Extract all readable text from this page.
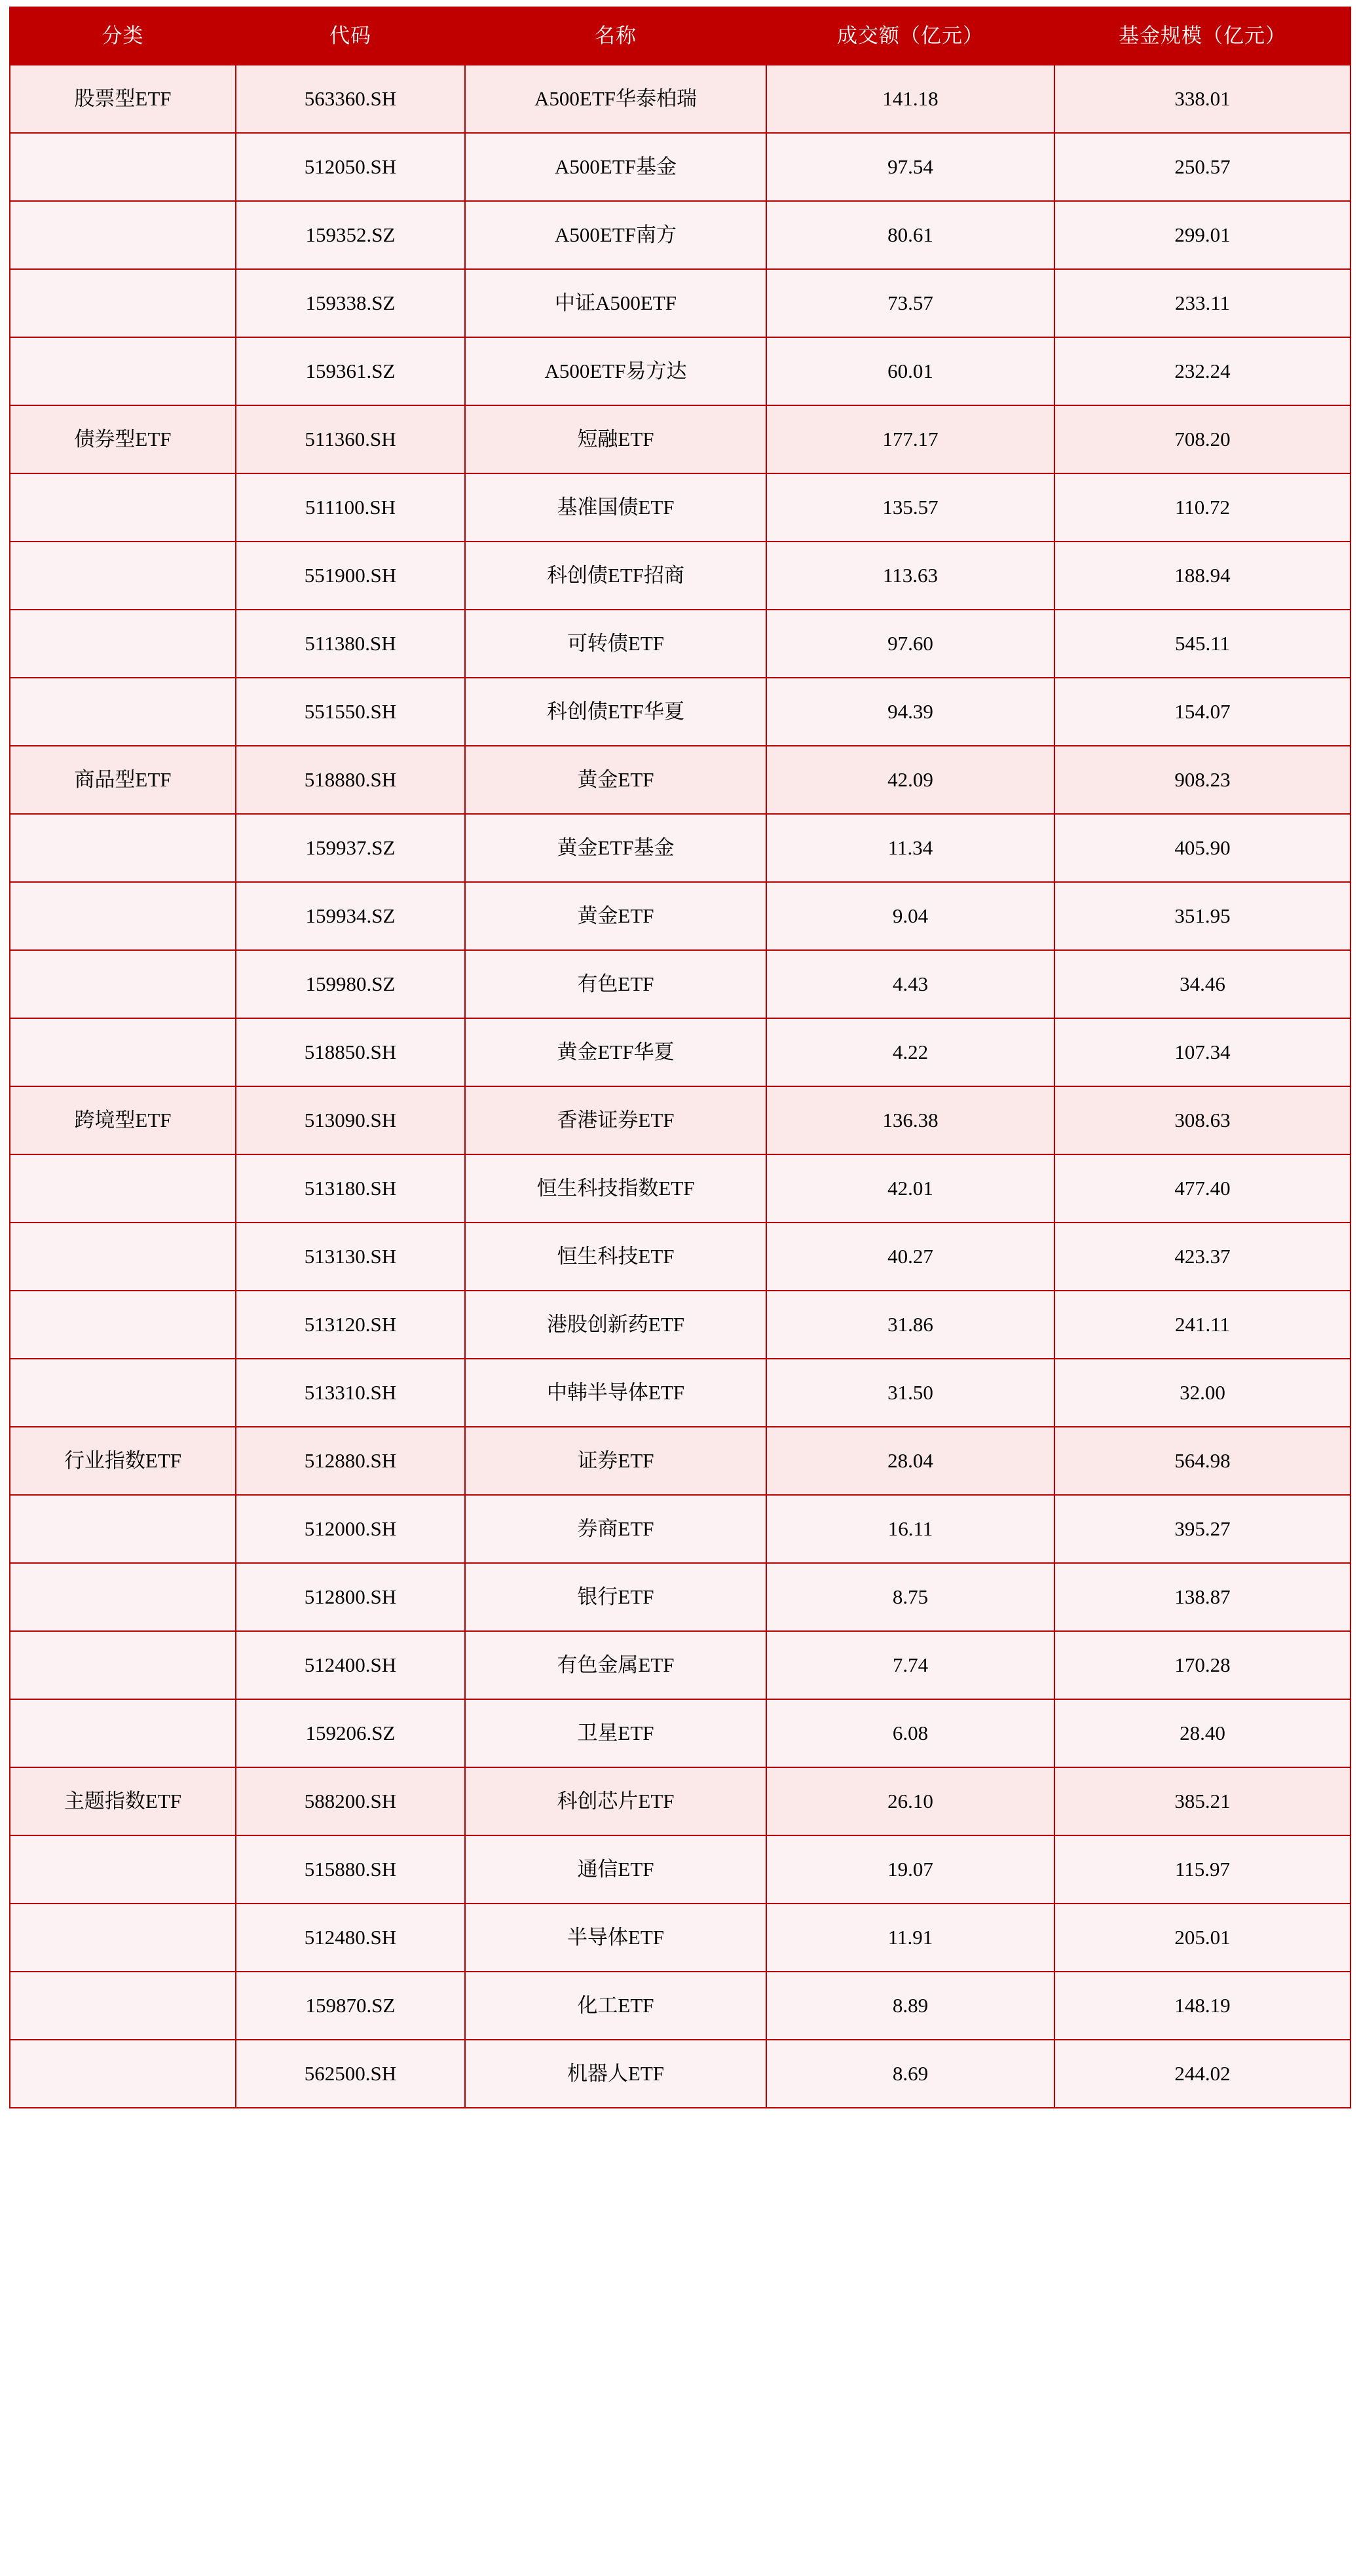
分类	代码	名称	成交额（亿元）	基金规模（亿元）
股票型ETF	563360.SH	A500ETF华泰柏瑞	141.18	338.01
	512050.SH	A500ETF基金	97.54	250.57
	159352.SZ	A500ETF南方	80.61	299.01
	159338.SZ	中证A500ETF	73.57	233.11
	159361.SZ	A500ETF易方达	60.01	232.24
债券型ETF	511360.SH	短融ETF	177.17	708.20
	511100.SH	基准国债ETF	135.57	110.72
	551900.SH	科创债ETF招商	113.63	188.94
	511380.SH	可转债ETF	97.60	545.11
	551550.SH	科创债ETF华夏	94.39	154.07
商品型ETF	518880.SH	黄金ETF	42.09	908.23
	159937.SZ	黄金ETF基金	11.34	405.90
	159934.SZ	黄金ETF	9.04	351.95
	159980.SZ	有色ETF	4.43	34.46
	518850.SH	黄金ETF华夏	4.22	107.34
跨境型ETF	513090.SH	香港证券ETF	136.38	308.63
	513180.SH	恒生科技指数ETF	42.01	477.40
	513130.SH	恒生科技ETF	40.27	423.37
	513120.SH	港股创新药ETF	31.86	241.11
	513310.SH	中韩半导体ETF	31.50	32.00
行业指数ETF	512880.SH	证券ETF	28.04	564.98
	512000.SH	券商ETF	16.11	395.27
	512800.SH	银行ETF	8.75	138.87
	512400.SH	有色金属ETF	7.74	170.28
	159206.SZ	卫星ETF	6.08	28.40
主题指数ETF	588200.SH	科创芯片ETF	26.10	385.21
	515880.SH	通信ETF	19.07	115.97
	512480.SH	半导体ETF	11.91	205.01
	159870.SZ	化工ETF	8.89	148.19
	562500.SH	机器人ETF	8.69	244.02
